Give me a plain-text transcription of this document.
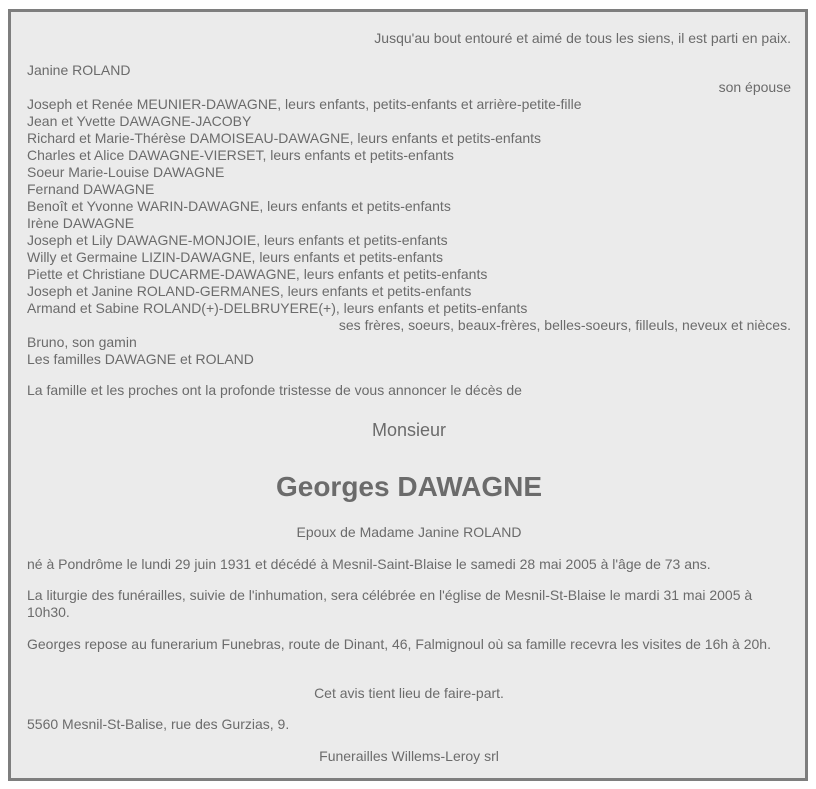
Jusqu'au bout entouré et aimé de tous les siens, il est parti en paix.
Janine ROLAND
son épouse
Joseph et Renée MEUNIER-DAWAGNE, leurs enfants, petits-enfants et arrière-petite-fille
Jean et Yvette DAWAGNE-JACOBY
Richard et Marie-Thérèse DAMOISEAU-DAWAGNE, leurs enfants et petits-enfants
Charles et Alice DAWAGNE-VIERSET, leurs enfants et petits-enfants
Soeur Marie-Louise DAWAGNE
Fernand DAWAGNE
Benoît et Yvonne WARIN-DAWAGNE, leurs enfants et petits-enfants
Irène DAWAGNE
Joseph et Lily DAWAGNE-MONJOIE, leurs enfants et petits-enfants
Willy et Germaine LIZIN-DAWAGNE, leurs enfants et petits-enfants
Piette et Christiane DUCARME-DAWAGNE, leurs enfants et petits-enfants
Joseph et Janine ROLAND-GERMANES, leurs enfants et petits-enfants
Armand et Sabine ROLAND(+)-DELBRUYERE(+), leurs enfants et petits-enfants
ses frères, soeurs, beaux-frères, belles-soeurs, filleuls, neveux et nièces.
Bruno, son gamin
Les familles DAWAGNE et ROLAND
La famille et les proches ont la profonde tristesse de vous annoncer le décès de
Monsieur
Georges DAWAGNE
Epoux de Madame Janine ROLAND
né à Pondrôme le lundi 29 juin 1931 et décédé à Mesnil-Saint-Blaise le samedi 28 mai 2005 à l'âge de 73 ans.
La liturgie des funérailles, suivie de l'inhumation, sera célébrée en l'église de Mesnil-St-Blaise le mardi 31 mai 2005 à 10h30.
Georges repose au funerarium Funebras, route de Dinant, 46, Falmignoul où sa famille recevra les visites de 16h à 20h.
Cet avis tient lieu de faire-part.
5560 Mesnil-St-Balise, rue des Gurzias, 9.
Funerailles Willems-Leroy srl
